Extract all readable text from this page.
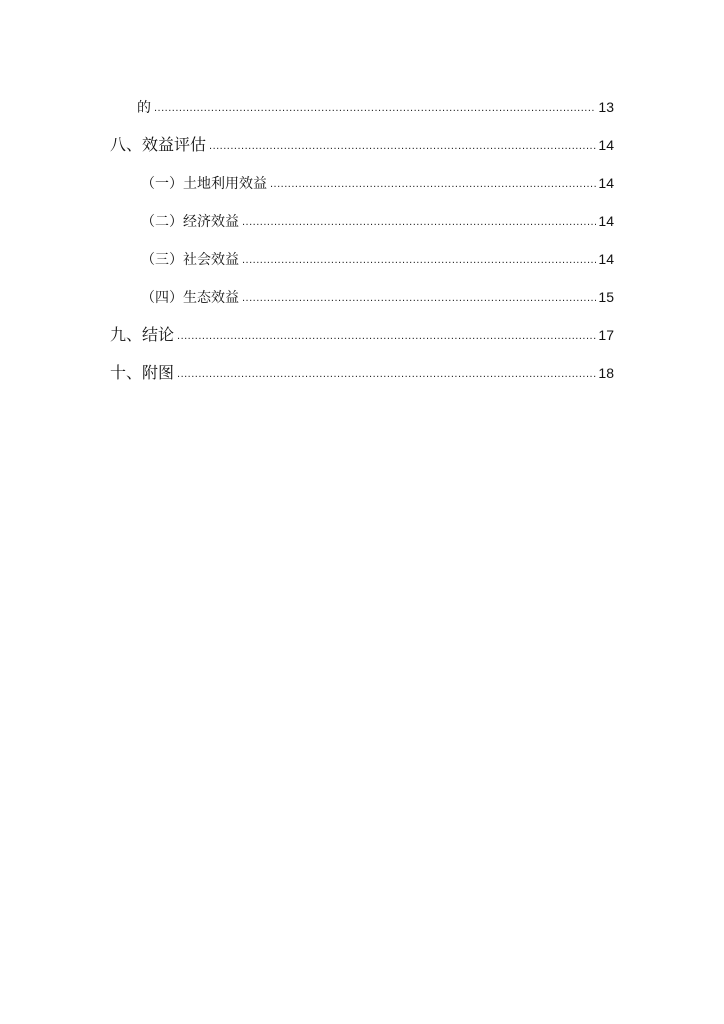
的 .....	13
八、效益评估 .....	14
（一）土地利用效益 .....	14
（二）经济效益 .....	14
（三）社会效益 .....	14
（四）生态效益 .....	15
九、结论 .....	17
十、附图 .....	18
